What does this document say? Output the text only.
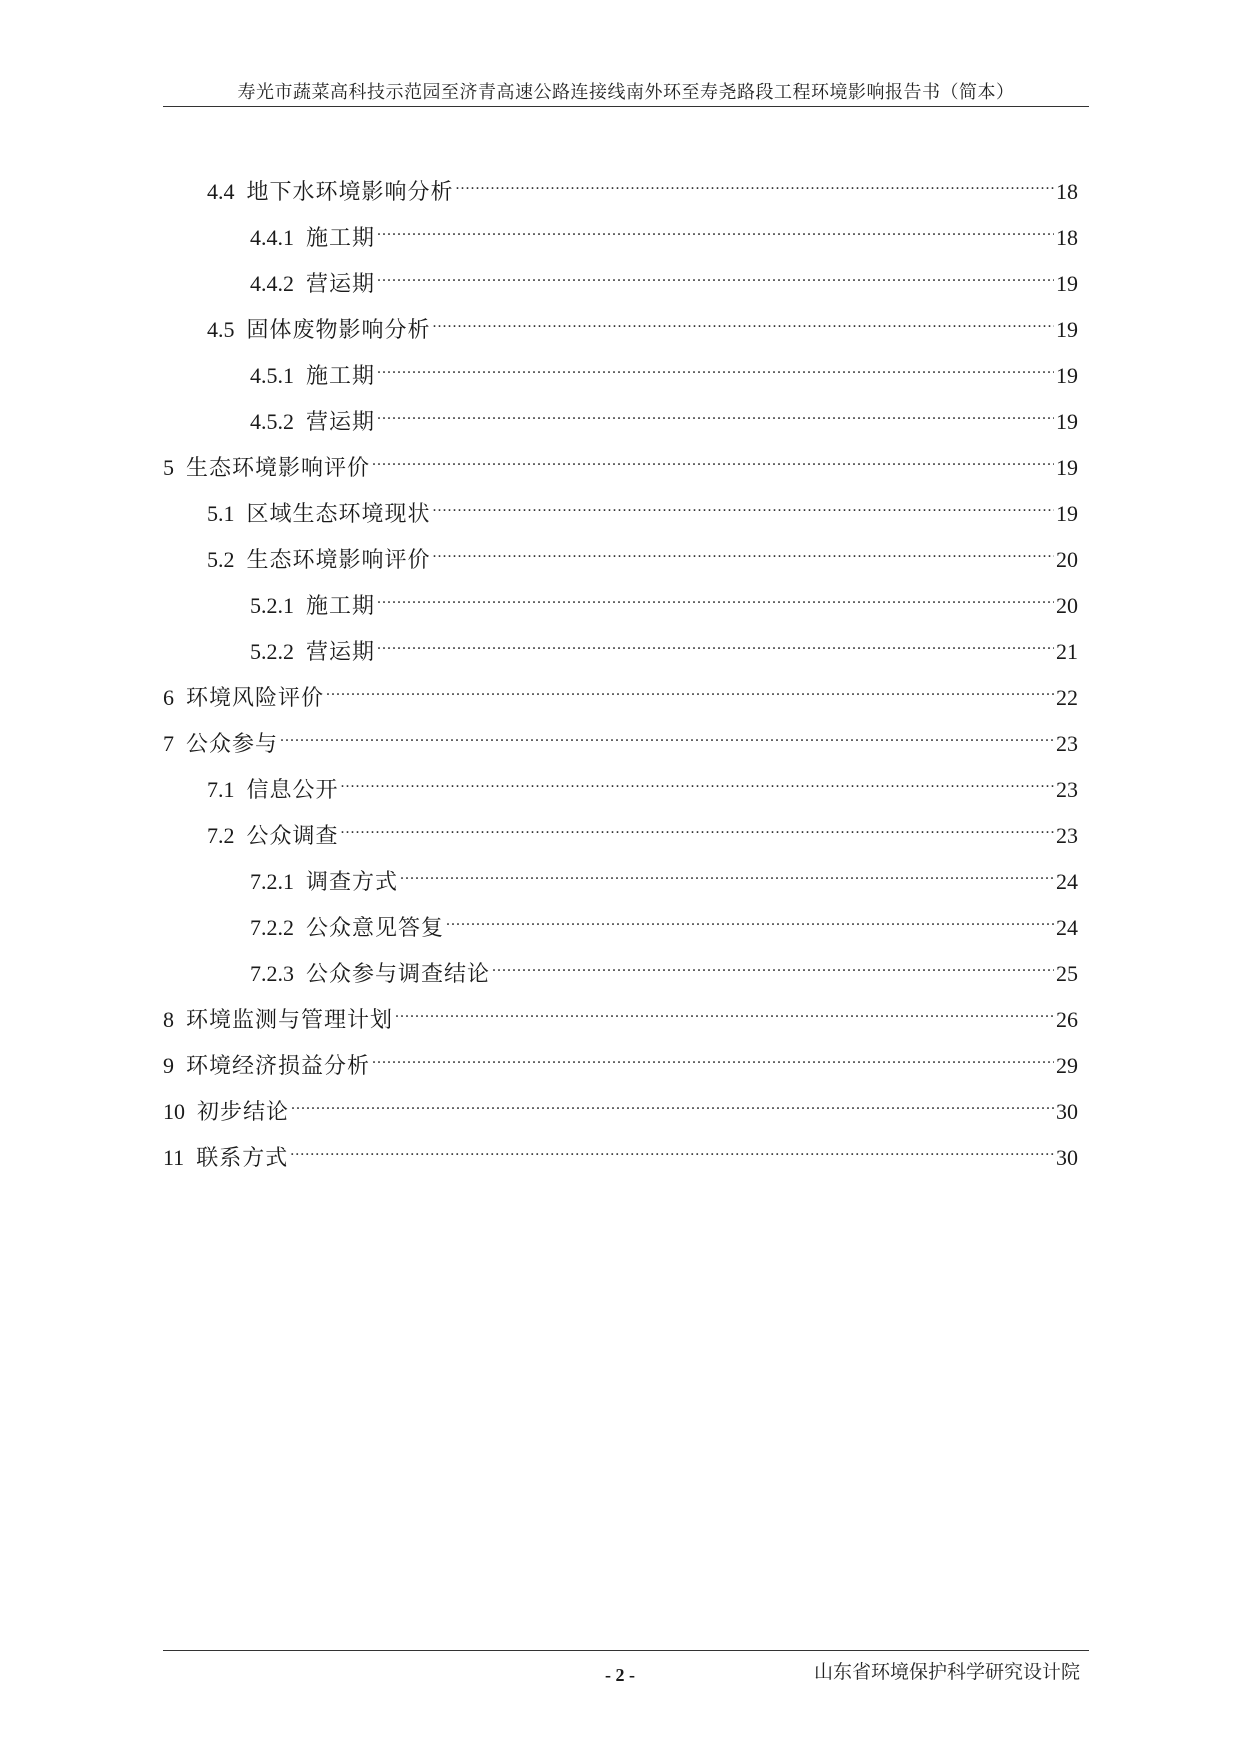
寿光市蔬菜高科技示范园至济青高速公路连接线南外环至寿尧路段工程环境影响报告书（简本）
4.4 地下水环境影响分析 .....	18
4.4.1 施工期 .....	18
4.4.2 营运期 .....	19
4.5 固体废物影响分析 .....	19
4.5.1 施工期 .....	19
4.5.2 营运期 .....	19
5 生态环境影响评价 .....	19
5.1 区域生态环境现状 .....	19
5.2 生态环境影响评价 .....	20
5.2.1 施工期 .....	20
5.2.2 营运期 .....	21
6 环境风险评价 .....	22
7 公众参与 .....	23
7.1 信息公开 .....	23
7.2 公众调查 .....	23
7.2.1 调查方式 .....	24
7.2.2 公众意见答复 .....	24
7.2.3 公众参与调查结论 .....	25
8 环境监测与管理计划 .....	26
9 环境经济损益分析 .....	29
10 初步结论 .....	30
11 联系方式 .....	30
- 2 -	山东省环境保护科学研究设计院
